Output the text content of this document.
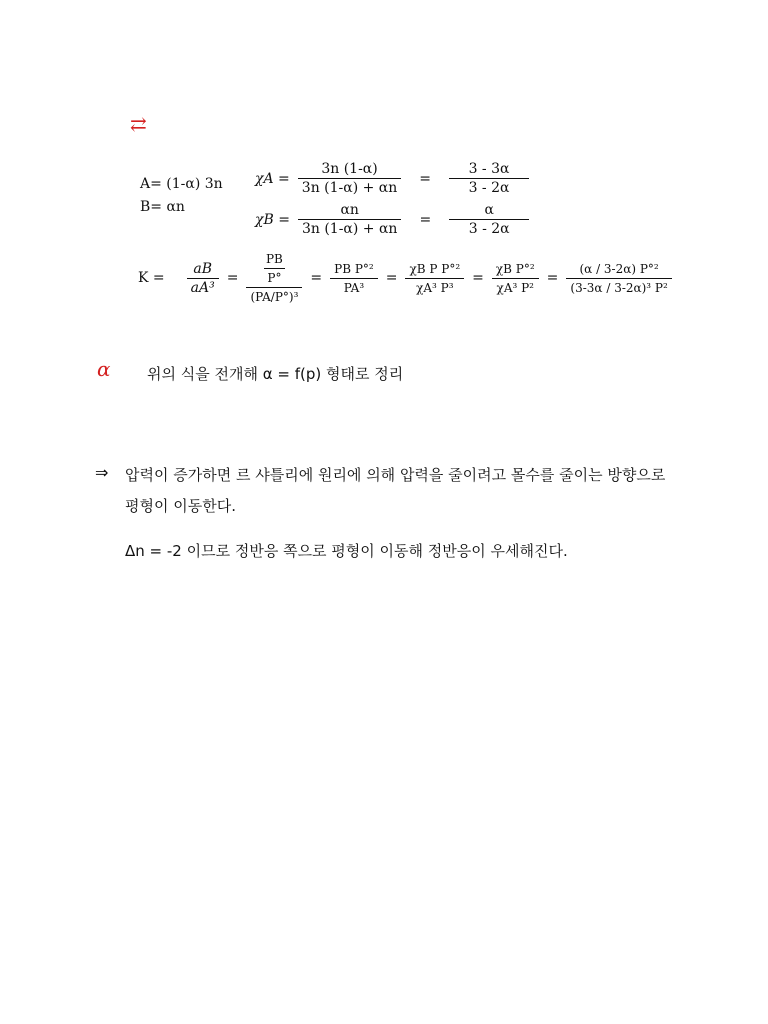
⇄
A= (1-α) 3n
B= αn
$\chi A = \frac{3n (1-\alpha)}{3n (1-\alpha) + \alpha n} = \frac{3 - 3\alpha}{3 - 2\alpha}$
$\chi B = \frac{\alpha n}{3n (1-\alpha) + \alpha n} = \frac{\alpha}{3 - 2\alpha}$
$K = \frac{aB}{\text{aA³}}$ = PB
P°
$(PA/P^\circ)^3 = \frac{\text{PB P°²}}{\text{PA³}} = \frac{\text{χB P P°²}}{\text{χA³ P³}} = \frac{\text{χB P°²}}{\text{χA³ P²}} = \frac{\text{(α / 3-2α) P°²}}{\text{(3-3α / 3-2α)³ P²}}$
α 위의 식을 전개해 α = f(p) 형태로 정리
⇒ 압력이 증가하면 르 샤틀리에 원리에 의해 압력을 줄이려고 몰수를 줄이는 방향으로
평형이 이동한다.
Δn = -2 이므로 정반응 쪽으로 평형이 이동해 정반응이 우세해진다.
